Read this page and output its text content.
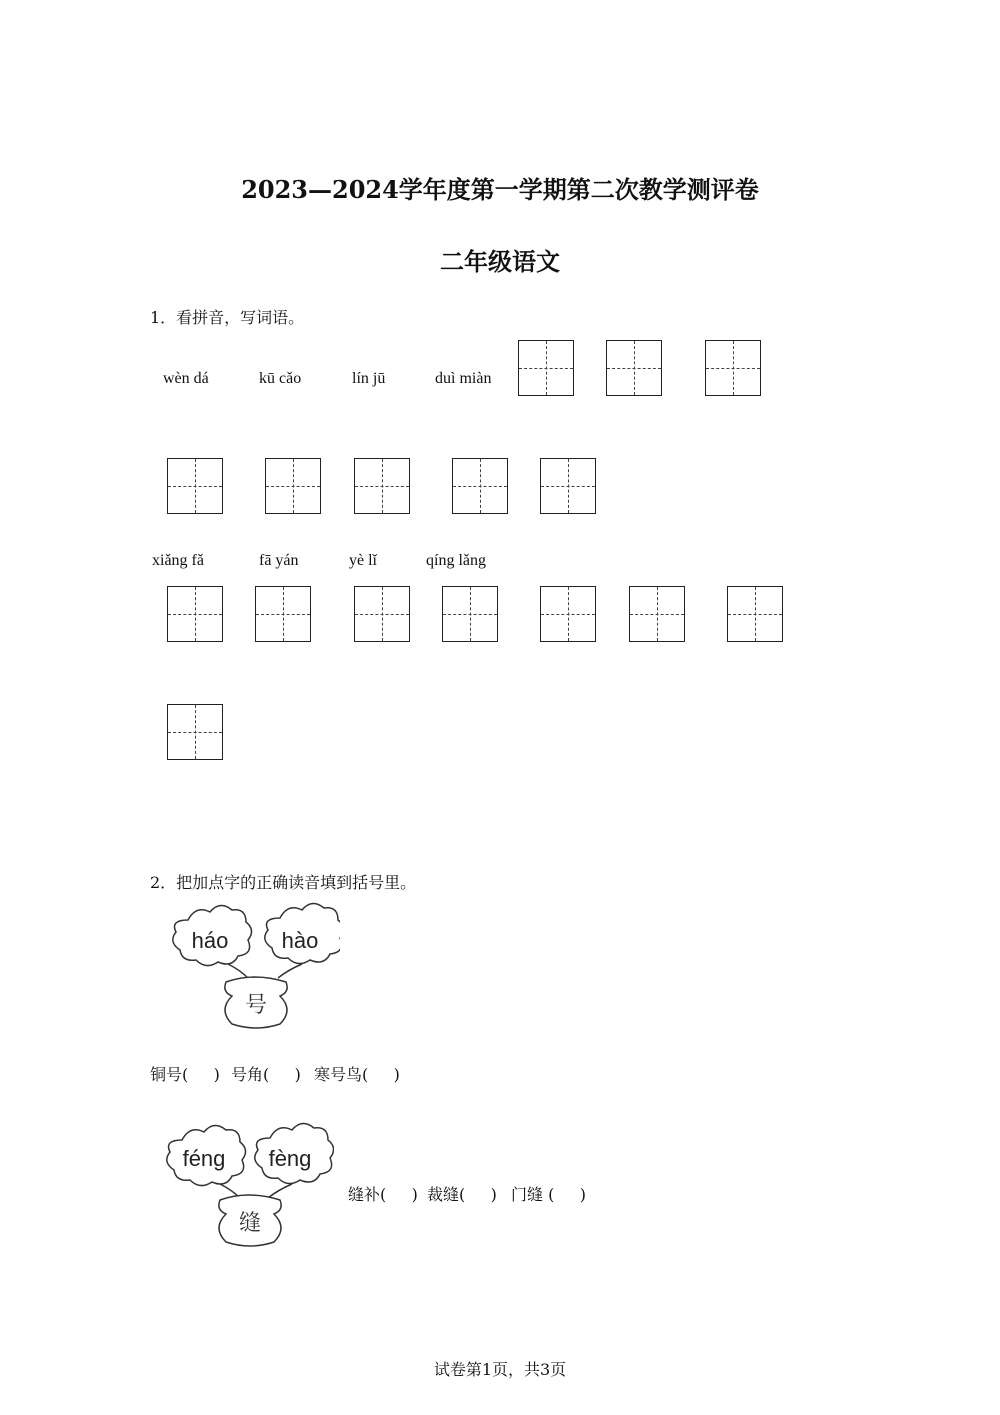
2023—2024学年度第一学期第二次教学测评卷
二年级语文
1．看拼音，写词语。
wèn dá	kū cǎo	lín jū	duì miàn
xiǎng fǎ	fā yán	yè lǐ	qíng lǎng
2．把加点字的正确读音填到括号里。
háo hào
号
铜号(     ) 号角(     ) 寒号鸟(     )
féng fèng
缝
缝补(     ) 裁缝(     ) 门缝 (     )
试卷第1页，共3页
